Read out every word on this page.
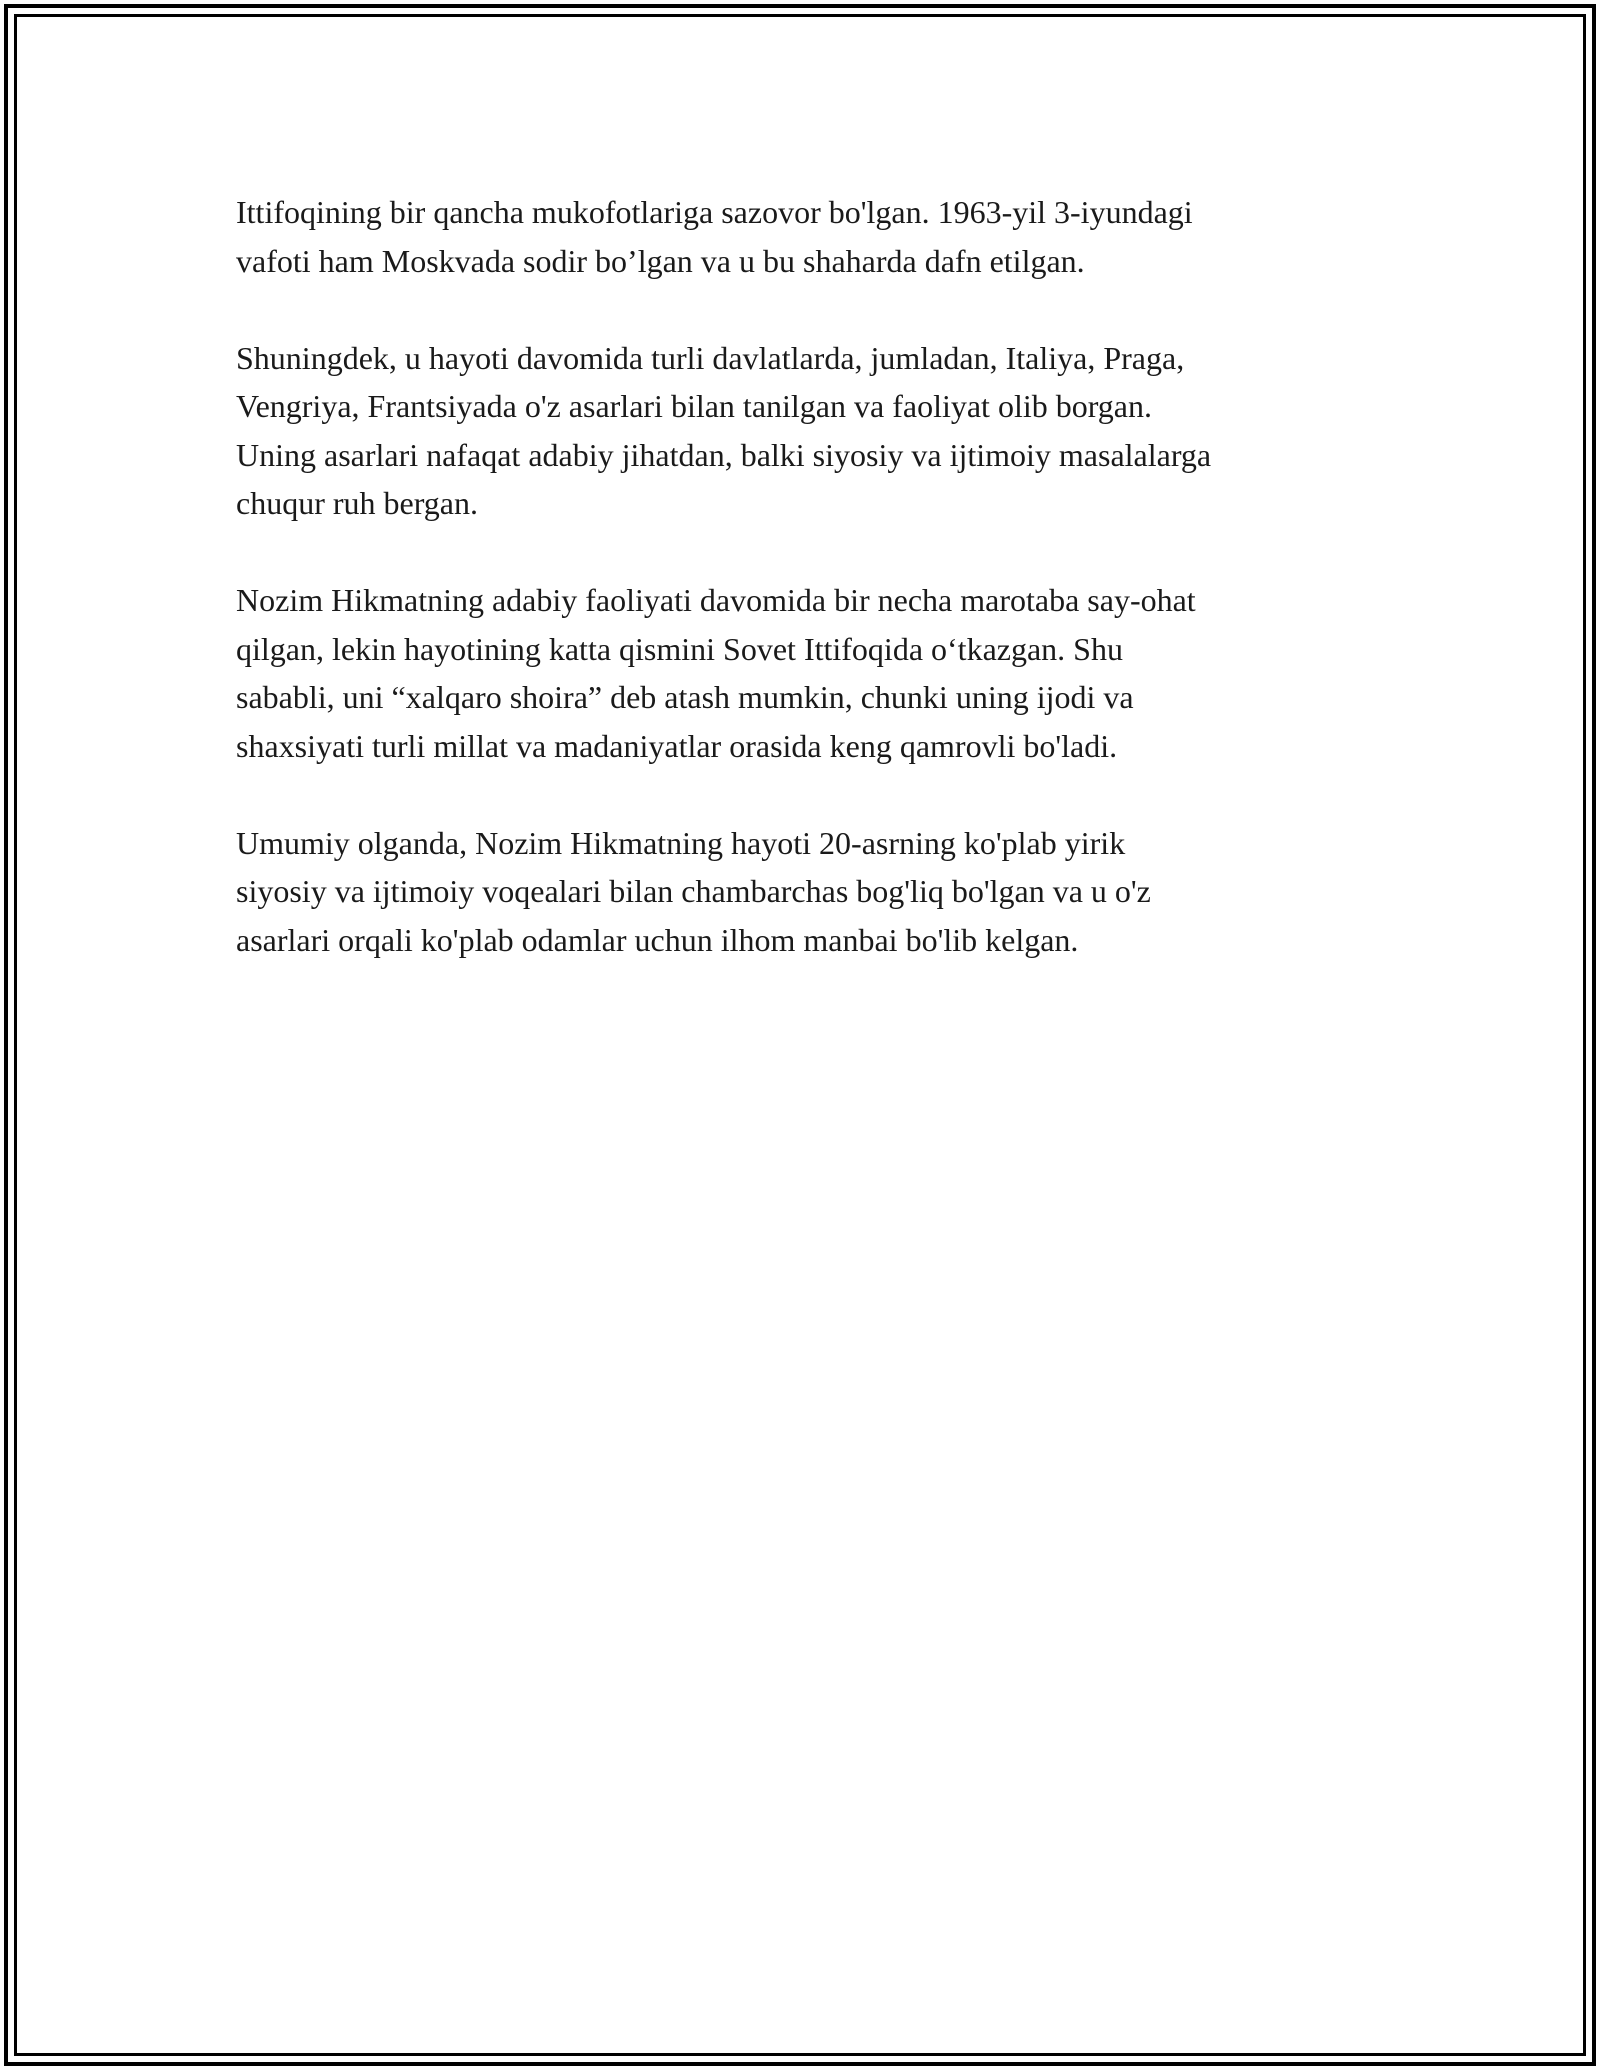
Ittifoqining bir qancha mukofotlariga sazovor bo'lgan. 1963-yil 3-iyundagi
vafoti ham Moskvada sodir bo’lgan va u bu shaharda dafn etilgan.

Shuningdek, u hayoti davomida turli davlatlarda, jumladan, Italiya, Praga,
Vengriya, Frantsiyada o'z asarlari bilan tanilgan va faoliyat olib borgan.
Uning asarlari nafaqat adabiy jihatdan, balki siyosiy va ijtimoiy masalalarga
chuqur ruh bergan.

Nozim Hikmatning adabiy faoliyati davomida bir necha marotaba say-ohat
qilgan, lekin hayotining katta qismini Sovet Ittifoqida o‘tkazgan. Shu
sababli, uni “xalqaro shoira” deb atash mumkin, chunki uning ijodi va
shaxsiyati turli millat va madaniyatlar orasida keng qamrovli bo'ladi.

Umumiy olganda, Nozim Hikmatning hayoti 20-asrning ko'plab yirik
siyosiy va ijtimoiy voqealari bilan chambarchas bog'liq bo'lgan va u o'z
asarlari orqali ko'plab odamlar uchun ilhom manbai bo'lib kelgan.
